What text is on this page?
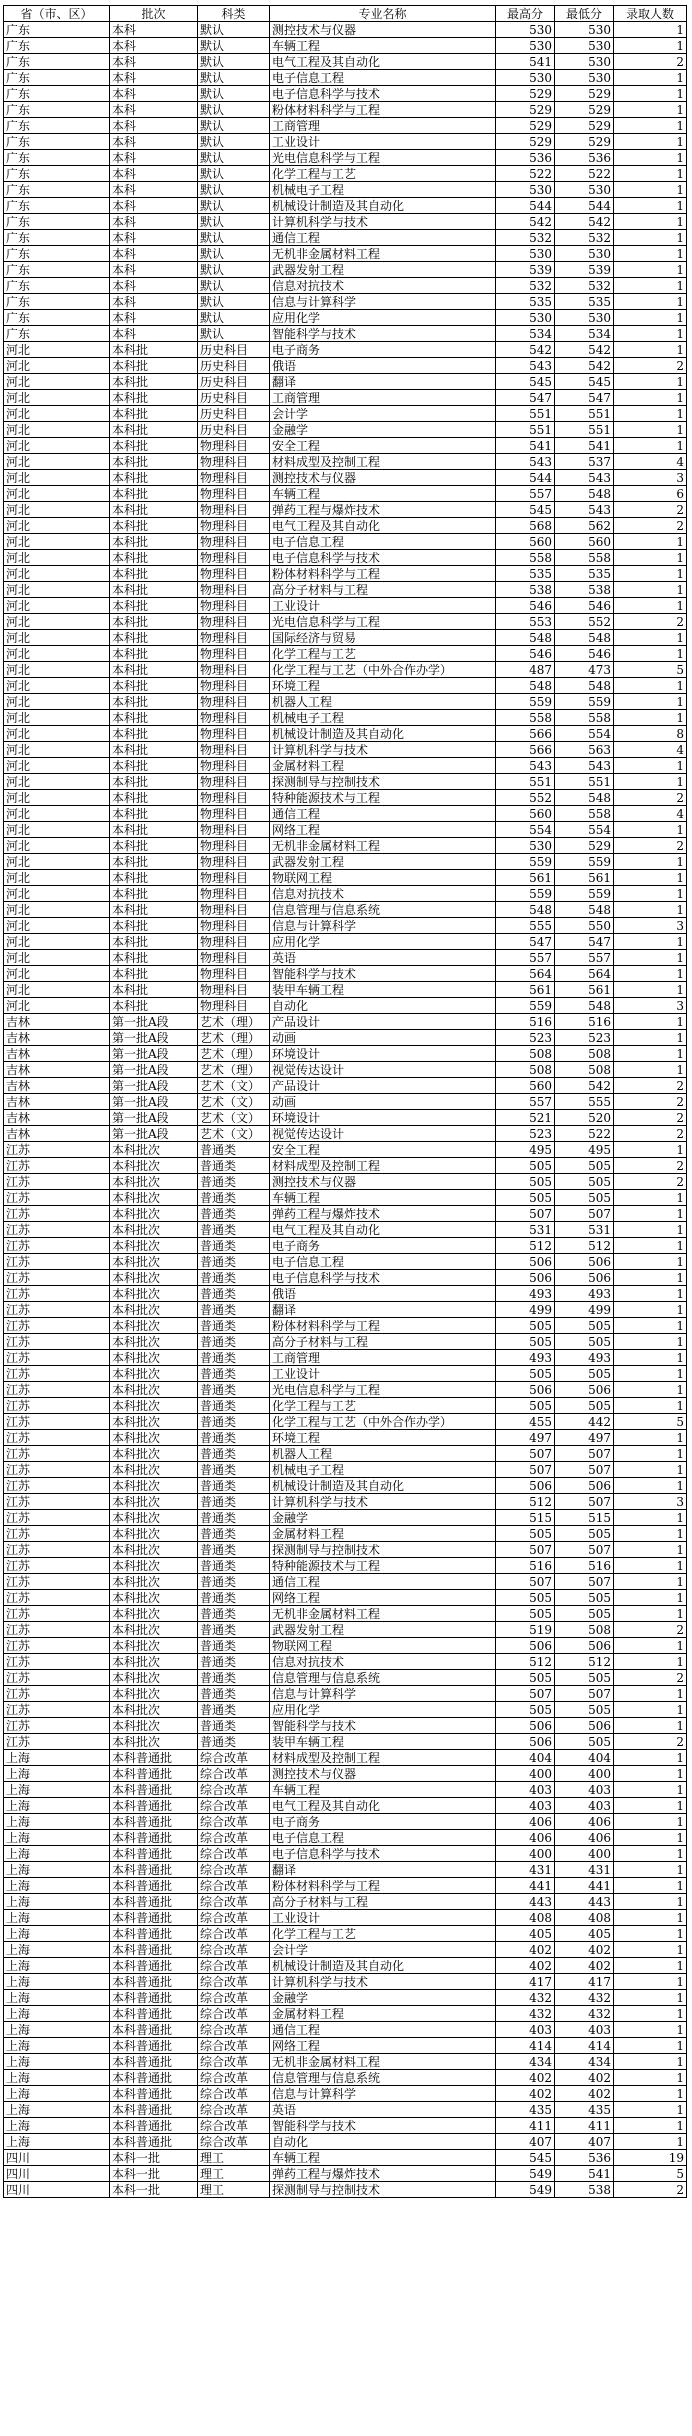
省（市、区）	批次	科类	专业名称	最高分	最低分	录取人数
广东	本科	默认	测控技术与仪器	530	530	1
广东	本科	默认	车辆工程	530	530	1
广东	本科	默认	电气工程及其自动化	541	530	2
广东	本科	默认	电子信息工程	530	530	1
广东	本科	默认	电子信息科学与技术	529	529	1
广东	本科	默认	粉体材料科学与工程	529	529	1
广东	本科	默认	工商管理	529	529	1
广东	本科	默认	工业设计	529	529	1
广东	本科	默认	光电信息科学与工程	536	536	1
广东	本科	默认	化学工程与工艺	522	522	1
广东	本科	默认	机械电子工程	530	530	1
广东	本科	默认	机械设计制造及其自动化	544	544	1
广东	本科	默认	计算机科学与技术	542	542	1
广东	本科	默认	通信工程	532	532	1
广东	本科	默认	无机非金属材料工程	530	530	1
广东	本科	默认	武器发射工程	539	539	1
广东	本科	默认	信息对抗技术	532	532	1
广东	本科	默认	信息与计算科学	535	535	1
广东	本科	默认	应用化学	530	530	1
广东	本科	默认	智能科学与技术	534	534	1
河北	本科批	历史科目	电子商务	542	542	1
河北	本科批	历史科目	俄语	543	542	2
河北	本科批	历史科目	翻译	545	545	1
河北	本科批	历史科目	工商管理	547	547	1
河北	本科批	历史科目	会计学	551	551	1
河北	本科批	历史科目	金融学	551	551	1
河北	本科批	物理科目	安全工程	541	541	1
河北	本科批	物理科目	材料成型及控制工程	543	537	4
河北	本科批	物理科目	测控技术与仪器	544	543	3
河北	本科批	物理科目	车辆工程	557	548	6
河北	本科批	物理科目	弹药工程与爆炸技术	545	543	2
河北	本科批	物理科目	电气工程及其自动化	568	562	2
河北	本科批	物理科目	电子信息工程	560	560	1
河北	本科批	物理科目	电子信息科学与技术	558	558	1
河北	本科批	物理科目	粉体材料科学与工程	535	535	1
河北	本科批	物理科目	高分子材料与工程	538	538	1
河北	本科批	物理科目	工业设计	546	546	1
河北	本科批	物理科目	光电信息科学与工程	553	552	2
河北	本科批	物理科目	国际经济与贸易	548	548	1
河北	本科批	物理科目	化学工程与工艺	546	546	1
河北	本科批	物理科目	化学工程与工艺（中外合作办学）	487	473	5
河北	本科批	物理科目	环境工程	548	548	1
河北	本科批	物理科目	机器人工程	559	559	1
河北	本科批	物理科目	机械电子工程	558	558	1
河北	本科批	物理科目	机械设计制造及其自动化	566	554	8
河北	本科批	物理科目	计算机科学与技术	566	563	4
河北	本科批	物理科目	金属材料工程	543	543	1
河北	本科批	物理科目	探测制导与控制技术	551	551	1
河北	本科批	物理科目	特种能源技术与工程	552	548	2
河北	本科批	物理科目	通信工程	560	558	4
河北	本科批	物理科目	网络工程	554	554	1
河北	本科批	物理科目	无机非金属材料工程	530	529	2
河北	本科批	物理科目	武器发射工程	559	559	1
河北	本科批	物理科目	物联网工程	561	561	1
河北	本科批	物理科目	信息对抗技术	559	559	1
河北	本科批	物理科目	信息管理与信息系统	548	548	1
河北	本科批	物理科目	信息与计算科学	555	550	3
河北	本科批	物理科目	应用化学	547	547	1
河北	本科批	物理科目	英语	557	557	1
河北	本科批	物理科目	智能科学与技术	564	564	1
河北	本科批	物理科目	装甲车辆工程	561	561	1
河北	本科批	物理科目	自动化	559	548	3
吉林	第一批A段	艺术（理）	产品设计	516	516	1
吉林	第一批A段	艺术（理）	动画	523	523	1
吉林	第一批A段	艺术（理）	环境设计	508	508	1
吉林	第一批A段	艺术（理）	视觉传达设计	508	508	1
吉林	第一批A段	艺术（文）	产品设计	560	542	2
吉林	第一批A段	艺术（文）	动画	557	555	2
吉林	第一批A段	艺术（文）	环境设计	521	520	2
吉林	第一批A段	艺术（文）	视觉传达设计	523	522	2
江苏	本科批次	普通类	安全工程	495	495	1
江苏	本科批次	普通类	材料成型及控制工程	505	505	2
江苏	本科批次	普通类	测控技术与仪器	505	505	2
江苏	本科批次	普通类	车辆工程	505	505	1
江苏	本科批次	普通类	弹药工程与爆炸技术	507	507	1
江苏	本科批次	普通类	电气工程及其自动化	531	531	1
江苏	本科批次	普通类	电子商务	512	512	1
江苏	本科批次	普通类	电子信息工程	506	506	1
江苏	本科批次	普通类	电子信息科学与技术	506	506	1
江苏	本科批次	普通类	俄语	493	493	1
江苏	本科批次	普通类	翻译	499	499	1
江苏	本科批次	普通类	粉体材料科学与工程	505	505	1
江苏	本科批次	普通类	高分子材料与工程	505	505	1
江苏	本科批次	普通类	工商管理	493	493	1
江苏	本科批次	普通类	工业设计	505	505	1
江苏	本科批次	普通类	光电信息科学与工程	506	506	1
江苏	本科批次	普通类	化学工程与工艺	505	505	1
江苏	本科批次	普通类	化学工程与工艺（中外合作办学）	455	442	5
江苏	本科批次	普通类	环境工程	497	497	1
江苏	本科批次	普通类	机器人工程	507	507	1
江苏	本科批次	普通类	机械电子工程	507	507	1
江苏	本科批次	普通类	机械设计制造及其自动化	506	506	1
江苏	本科批次	普通类	计算机科学与技术	512	507	3
江苏	本科批次	普通类	金融学	515	515	1
江苏	本科批次	普通类	金属材料工程	505	505	1
江苏	本科批次	普通类	探测制导与控制技术	507	507	1
江苏	本科批次	普通类	特种能源技术与工程	516	516	1
江苏	本科批次	普通类	通信工程	507	507	1
江苏	本科批次	普通类	网络工程	505	505	1
江苏	本科批次	普通类	无机非金属材料工程	505	505	1
江苏	本科批次	普通类	武器发射工程	519	508	2
江苏	本科批次	普通类	物联网工程	506	506	1
江苏	本科批次	普通类	信息对抗技术	512	512	1
江苏	本科批次	普通类	信息管理与信息系统	505	505	2
江苏	本科批次	普通类	信息与计算科学	507	507	1
江苏	本科批次	普通类	应用化学	505	505	1
江苏	本科批次	普通类	智能科学与技术	506	506	1
江苏	本科批次	普通类	装甲车辆工程	506	505	2
上海	本科普通批	综合改革	材料成型及控制工程	404	404	1
上海	本科普通批	综合改革	测控技术与仪器	400	400	1
上海	本科普通批	综合改革	车辆工程	403	403	1
上海	本科普通批	综合改革	电气工程及其自动化	403	403	1
上海	本科普通批	综合改革	电子商务	406	406	1
上海	本科普通批	综合改革	电子信息工程	406	406	1
上海	本科普通批	综合改革	电子信息科学与技术	400	400	1
上海	本科普通批	综合改革	翻译	431	431	1
上海	本科普通批	综合改革	粉体材料科学与工程	441	441	1
上海	本科普通批	综合改革	高分子材料与工程	443	443	1
上海	本科普通批	综合改革	工业设计	408	408	1
上海	本科普通批	综合改革	化学工程与工艺	405	405	1
上海	本科普通批	综合改革	会计学	402	402	1
上海	本科普通批	综合改革	机械设计制造及其自动化	402	402	1
上海	本科普通批	综合改革	计算机科学与技术	417	417	1
上海	本科普通批	综合改革	金融学	432	432	1
上海	本科普通批	综合改革	金属材料工程	432	432	1
上海	本科普通批	综合改革	通信工程	403	403	1
上海	本科普通批	综合改革	网络工程	414	414	1
上海	本科普通批	综合改革	无机非金属材料工程	434	434	1
上海	本科普通批	综合改革	信息管理与信息系统	402	402	1
上海	本科普通批	综合改革	信息与计算科学	402	402	1
上海	本科普通批	综合改革	英语	435	435	1
上海	本科普通批	综合改革	智能科学与技术	411	411	1
上海	本科普通批	综合改革	自动化	407	407	1
四川	本科一批	理工	车辆工程	545	536	19
四川	本科一批	理工	弹药工程与爆炸技术	549	541	5
四川	本科一批	理工	探测制导与控制技术	549	538	2
